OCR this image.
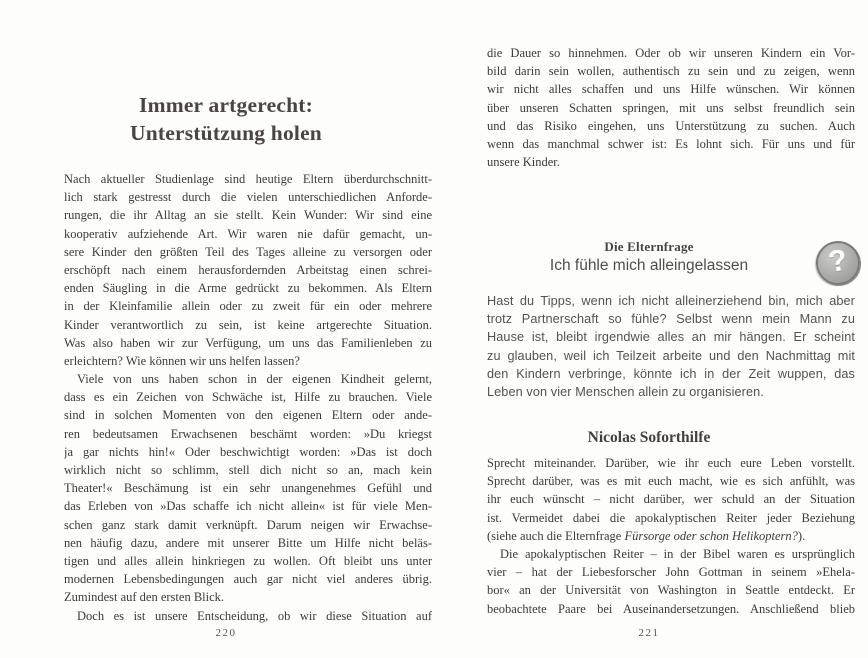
Immer artgerecht:
Unterstützung holen
Nach aktueller Studienlage sind heutige Eltern überdurchschnitt-
lich stark gestresst durch die vielen unterschiedlichen Anforde-
rungen, die ihr Alltag an sie stellt. Kein Wunder: Wir sind eine
kooperativ aufziehende Art. Wir waren nie dafür gemacht, un-
sere Kinder den größten Teil des Tages alleine zu versorgen oder
erschöpft nach einem herausfordernden Arbeitstag einen schrei-
enden Säugling in die Arme gedrückt zu bekommen. Als Eltern
in der Kleinfamilie allein oder zu zweit für ein oder mehrere
Kinder verantwortlich zu sein, ist keine artgerechte Situation.
Was also haben wir zur Verfügung, um uns das Familienleben zu
erleichtern? Wie können wir uns helfen lassen?
Viele von uns haben schon in der eigenen Kindheit gelernt,
dass es ein Zeichen von Schwäche ist, Hilfe zu brauchen. Viele
sind in solchen Momenten von den eigenen Eltern oder ande-
ren bedeutsamen Erwachsenen beschämt worden: »Du kriegst
ja gar nichts hin!« Oder beschwichtigt worden: »Das ist doch
wirklich nicht so schlimm, stell dich nicht so an, mach kein
Theater!« Beschämung ist ein sehr unangenehmes Gefühl und
das Erleben von »Das schaffe ich nicht allein« ist für viele Men-
schen ganz stark damit verknüpft. Darum neigen wir Erwachse-
nen häufig dazu, andere mit unserer Bitte um Hilfe nicht beläs-
tigen und alles allein hinkriegen zu wollen. Oft bleibt uns unter
modernen Lebensbedingungen auch gar nicht viel anderes übrig.
Zumindest auf den ersten Blick.
Doch es ist unsere Entscheidung, ob wir diese Situation auf
220
die Dauer so hinnehmen. Oder ob wir unseren Kindern ein Vor-
bild darin sein wollen, authentisch zu sein und zu zeigen, wenn
wir nicht alles schaffen und uns Hilfe wünschen. Wir können
über unseren Schatten springen, mit uns selbst freundlich sein
und das Risiko eingehen, uns Unterstützung zu suchen. Auch
wenn das manchmal schwer ist: Es lohnt sich. Für uns und für
unsere Kinder.
Die Elternfrage
Ich fühle mich alleingelassen	?
Hast du Tipps, wenn ich nicht alleinerziehend bin, mich aber
trotz Partnerschaft so fühle? Selbst wenn mein Mann zu
Hause ist, bleibt irgendwie alles an mir hängen. Er scheint
zu glauben, weil ich Teilzeit arbeite und den Nachmittag mit
den Kindern verbringe, könnte ich in der Zeit wuppen, das
Leben von vier Menschen allein zu organisieren.
Nicolas Soforthilfe
Sprecht miteinander. Darüber, wie ihr euch eure Leben vorstellt.
Sprecht darüber, was es mit euch macht, wie es sich anfühlt, was
ihr euch wünscht – nicht darüber, wer schuld an der Situation
ist. Vermeidet dabei die apokalyptischen Reiter jeder Beziehung
(siehe auch die Elternfrage Fürsorge oder schon Helikoptern?).
Die apokalyptischen Reiter – in der Bibel waren es ursprünglich
vier – hat der Liebesforscher John Gottman in seinem »Ehela-
bor« an der Universität von Washington in Seattle entdeckt. Er
beobachtete Paare bei Auseinandersetzungen. Anschließend blieb
221
